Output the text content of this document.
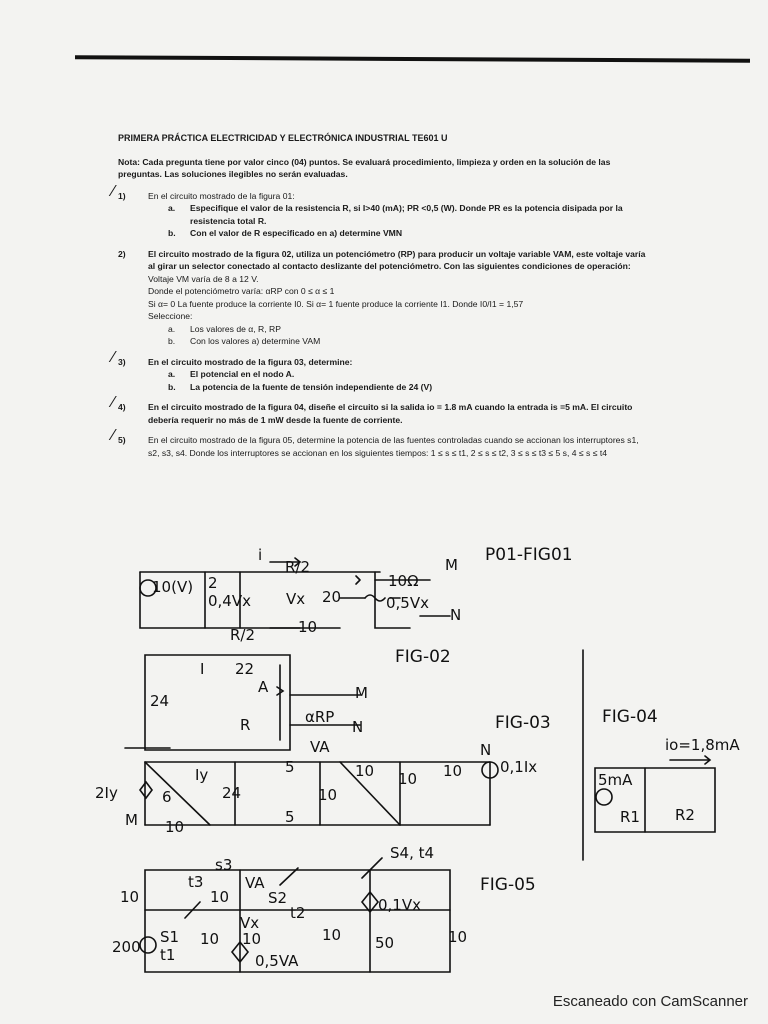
PRIMERA PRÁCTICA ELECTRICIDAD Y ELECTRÓNICA INDUSTRIAL TE601 U
Nota: Cada pregunta tiene por valor cinco (04) puntos. Se evaluará procedimiento, limpieza y orden en la solución de las preguntas. Las soluciones ilegibles no serán evaluadas.
⁄ 1)	En el circuito mostrado de la figura 01:
a.	Especifique el valor de la resistencia R, si I>40 (mA); PR <0,5 (W). Donde PR es la potencia disipada por la resistencia total R.
b.	Con el valor de R especificado en a) determine VMN
2)	El circuito mostrado de la figura 02, utiliza un potenciómetro (RP) para producir un voltaje variable VAM, este voltaje varía al girar un selector conectado al contacto deslizante del potenciómetro. Con las siguientes condiciones de operación:
Voltaje VM varía de 8 a 12 V.
Donde el potenciómetro varía: αRP con 0 ≤ α ≤ 1
Si α= 0 La fuente produce la corriente I0. Si α= 1 fuente produce la corriente I1. Donde I0/I1 = 1,57
Seleccione:
a.	Los valores de α, R, RP
b.	Con los valores a) determine VAM
⁄ 3)	En el circuito mostrado de la figura 03, determine:
a.	El potencial en el nodo A.
b.	La potencia de la fuente de tensión independiente de 24 (V)
⁄ 4)	En el circuito mostrado de la figura 04, diseñe el circuito si la salida io = 1.8 mA cuando la entrada is =5 mA. El circuito debería requerir no más de 1 mW desde la fuente de corriente.
⁄ 5)	En el circuito mostrado de la figura 05, determine la potencia de las fuentes controladas cuando se accionan los interruptores s1, s2, s3, s4. Donde los interruptores se accionan en los siguientes tiempos: 1 ≤ s ≤ t1, 2 ≤ s ≤ t2, 3 ≤ s ≤ t3 ≤ 5 s, 4 ≤ s ≤ t4
P01-FIG01
10(V) 2
0,4Vx
R/2
R/2
Vx 20
10
10Ω
0,5Vx
i
M
N
FIG-02
I 22
A
24
R
M
N
αRP	FIG-03
2Iy	6
Iy
24
5
5
VA
10 10 10
10
10
M
N
0,1Ix
FIG-04
io=1,8mA
5mA
R1 R2
FIG-05
s3
t3	VA
S2
t2
S4, t4
0,1Vx
10	10
10 10	10	10
50
200
S1
t1
Vx
0,5VA
Escaneado con CamScanner
